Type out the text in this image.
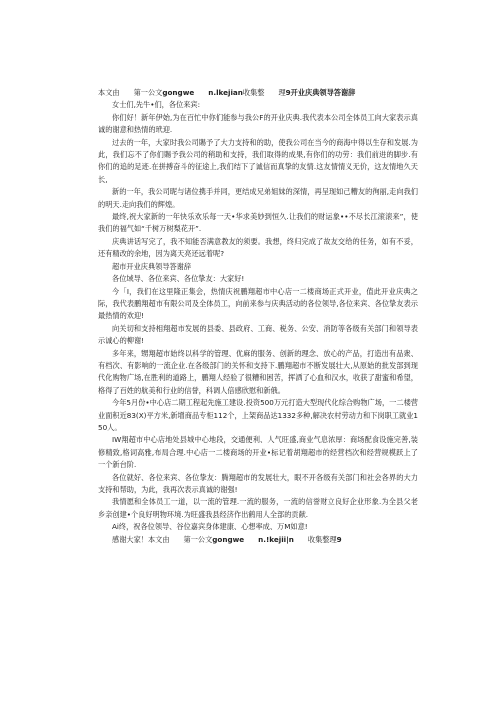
本文由 第一公文gongwe n.lkejian收集整 理9开业庆典领导答谢辞

女士们,先牛•们，各位来宾:

你们好！新年伊始,为在百忙中你们能参与我公F的开业庆典.我代表本公司全体员工向大家表示真诚的谢意和热情的玳迎.

过去的一年，大家时我公司賜予了大力支持和的助，使我公司在当今的商海中得以生存和发展.为此，我们忘不了你们賜予我公司的稍助和支持，我们取得的成果,有你们的功劳：我们前进的脚步.有你们的追的足迹.在拼搏奋斗的征途上,我们结下了诚信而真挚的友情.这友情情义无价，这友情地久天长,

新的一年，我公司昵与诸位携手并同，更结成兄弟姐妹的深情，再呈现如己糟友的徇丽,走向我们的明天.走向我们的辉煌。

最终,祝大家新的一年快乐欢乐每一天•华求美妙到恒久.让我们的财运象••不尽长江滚滚来”，使我们的福气如“千树万树梨花开”.

庆典讲话写完了，我不知能否满意教友的须要。我想，终归完成了故友交给的任务，如有不妥，还有精改的余地，因为离天亮还远着呢?

超市开业庆典领导答谢辞

各位域导、各位来宾、各位挚友：大家好!

今「I，我们在这里隆正集会，热情庆祝鹏翔超市中心店一二楼商场正式开业，值此开业庆典之际，我代表鹏翔超市有限公司及全体员工，向前来参与庆典活动的各位领导,各位来宾、各位挚友表示最热情的欢迎!

向关切和支持相翔超市发展的县委、县政府、工商、税务、公安、消防等各级有关部门和领导表示诚心的柳谢!

多年来，甥翔超市始终以科学的管理、优麻的服务、创新的理念、放心的产品，打造出有品衆、有档次、有影响的一流企业.在各级部门的关怀和支持下.鹏翔超市不断发展壮大,从原始的批发部到现代化购物广场,在胜利的道路上，鹏翔人经验了很糟和困苦，挥洒了心血和汉水，收获了甜蜜和希望，格得了百姓的航美和行业的信誉，科调人倍感欣慰和新俄。

今年5月份•中心店二期工程起先施工建设.投资500万元打造大型现代化综合购物广场，一二楼营业面积近83(X)平方米,新增商品专柜112个，上架商品达1332多种,解决农村劳动力和下岗职工就业150人。

IW翔超市中心店地处县城中心地段，交通便利、人气旺盛,商业气息浓厚：商场配食设施完善,装修精致,格词高雅,布局合理.中心店一二楼商场的开业•标记着胡翔超市的经营档次和经营规模跃上了一个新台阶.

各位就好、各位来宾、各位挚友：腾翔超市的发展壮大，眼不开各级有关部门和社会各界的大力支持和帮助，为此，我再次表示真诚的谢强!

我情愿和全体员工一道，以一流的管理.一流的服务，一流的信誉财立良好企业形象.为全县父老乡亲创建•个良好明物环境.为旺盛我县经济作出鹤用人全部的贡献.

Ai终，祝各位领导、谷位嘉宾身体建康、心想率成、万M如意!

感谢大家！本文由 第一公文gongwe n.!kejii|n 收集整理9
